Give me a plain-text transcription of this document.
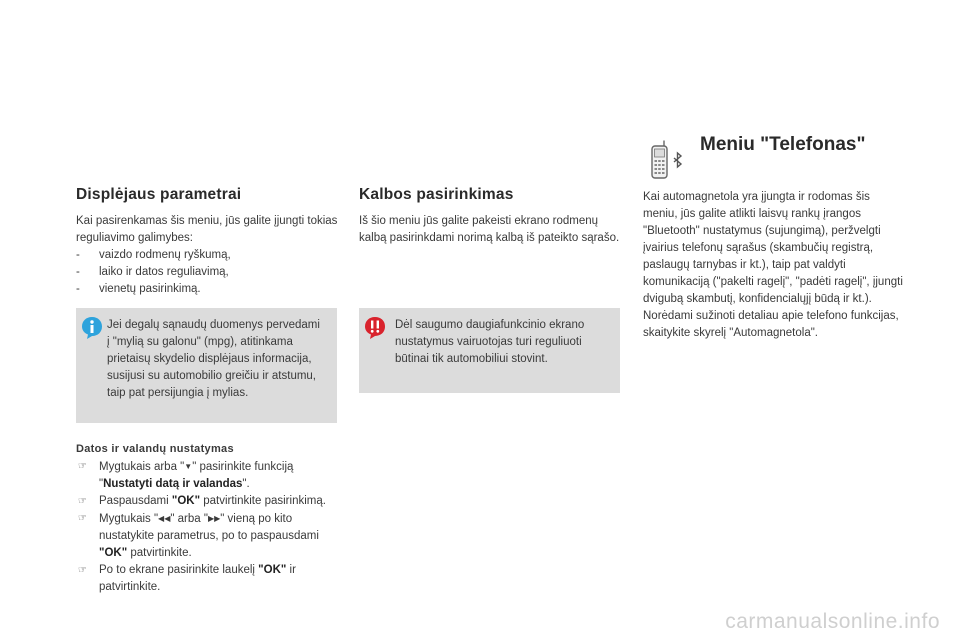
Displėjaus parametrai

Kai pasirenkamas šis meniu, jūs galite įjungti tokias reguliavimo galimybes:

- vaizdo rodmenų ryškumą,
- laiko ir datos reguliavimą,
- vienetų pasirinkimą.
Jei degalų sąnaudų duomenys pervedami į "mylią su galonu" (mpg), atitinkama prietaisų skydelio displėjaus informacija, susijusi su automobilio greičiu ir atstumu, taip pat persijungia į mylias.
Datos ir valandų nustatymas
☞ Mygtukais arba "▼" pasirinkite funkciją "Nustatyti datą ir valandas".
☞ Paspausdami "OK" patvirtinkite pasirinkimą.
☞ Mygtukais "◀◀" arba "▶▶" vieną po kito nustatykite parametrus, po to paspausdami "OK" patvirtinkite.
☞ Po to ekrane pasirinkite laukelį "OK" ir patvirtinkite.
Kalbos pasirinkimas

Iš šio meniu jūs galite pakeisti ekrano rodmenų kalbą pasirinkdami norimą kalbą iš pateikto sąrašo.

Dėl saugumo daugiafunkcinio ekrano nustatymus vairuotojas turi reguliuoti būtinai tik automobiliui stovint.
Meniu "Telefonas"

Kai automagnetola yra įjungta ir rodomas šis meniu, jūs galite atlikti laisvų rankų įrangos "Bluetooth" nustatymus (sujungimą), peržvelgti įvairius telefonų sąrašus (skambučių registrą, paslaugų tarnybas ir kt.), taip pat valdyti komunikaciją ("pakelti ragelį", "padėti ragelį", įjungti dvigubą skambutį, konfidencialųjį būdą ir kt.).

Norėdami sužinoti detaliau apie telefono funkcijas, skaitykite skyrelį "Automagnetola".

carmanualsonline.info
